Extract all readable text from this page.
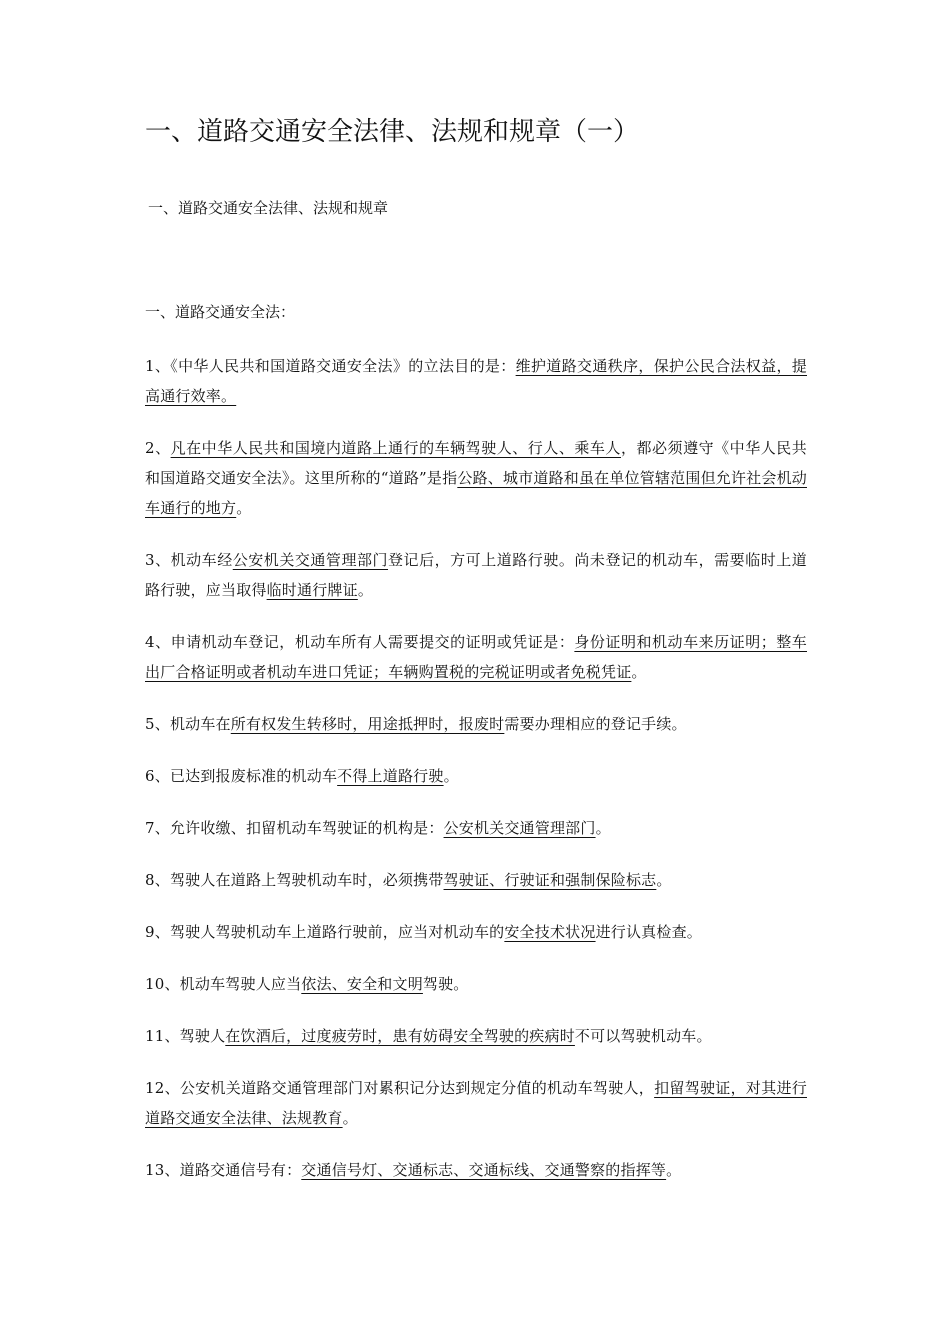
一、道路交通安全法律、法规和规章（一）

一、道路交通安全法律、法规和规章

一、道路交通安全法：

1、《中华人民共和国道路交通安全法》的立法目的是：维护道路交通秩序，保护公民合法权益，提高通行效率。
2、凡在中华人民共和国境内道路上通行的车辆驾驶人、行人、乘车人，都必须遵守《中华人民共和国道路交通安全法》。这里所称的“道路”是指公路、城市道路和虽在单位管辖范围但允许社会机动车通行的地方。
3、机动车经公安机关交通管理部门登记后，方可上道路行驶。尚未登记的机动车，需要临时上道路行驶，应当取得临时通行牌证。
4、申请机动车登记，机动车所有人需要提交的证明或凭证是：身份证明和机动车来历证明；整车出厂合格证明或者机动车进口凭证；车辆购置税的完税证明或者免税凭证。
5、机动车在所有权发生转移时，用途抵押时，报废时需要办理相应的登记手续。
6、已达到报废标准的机动车不得上道路行驶。
7、允许收缴、扣留机动车驾驶证的机构是：公安机关交通管理部门。
8、驾驶人在道路上驾驶机动车时，必须携带驾驶证、行驶证和强制保险标志。
9、驾驶人驾驶机动车上道路行驶前，应当对机动车的安全技术状况进行认真检查。
10、机动车驾驶人应当依法、安全和文明驾驶。
11、驾驶人在饮酒后，过度疲劳时，患有妨碍安全驾驶的疾病时不可以驾驶机动车。
12、公安机关道路交通管理部门对累积记分达到规定分值的机动车驾驶人，扣留驾驶证，对其进行道路交通安全法律、法规教育。
13、道路交通信号有：交通信号灯、交通标志、交通标线、交通警察的指挥等。
